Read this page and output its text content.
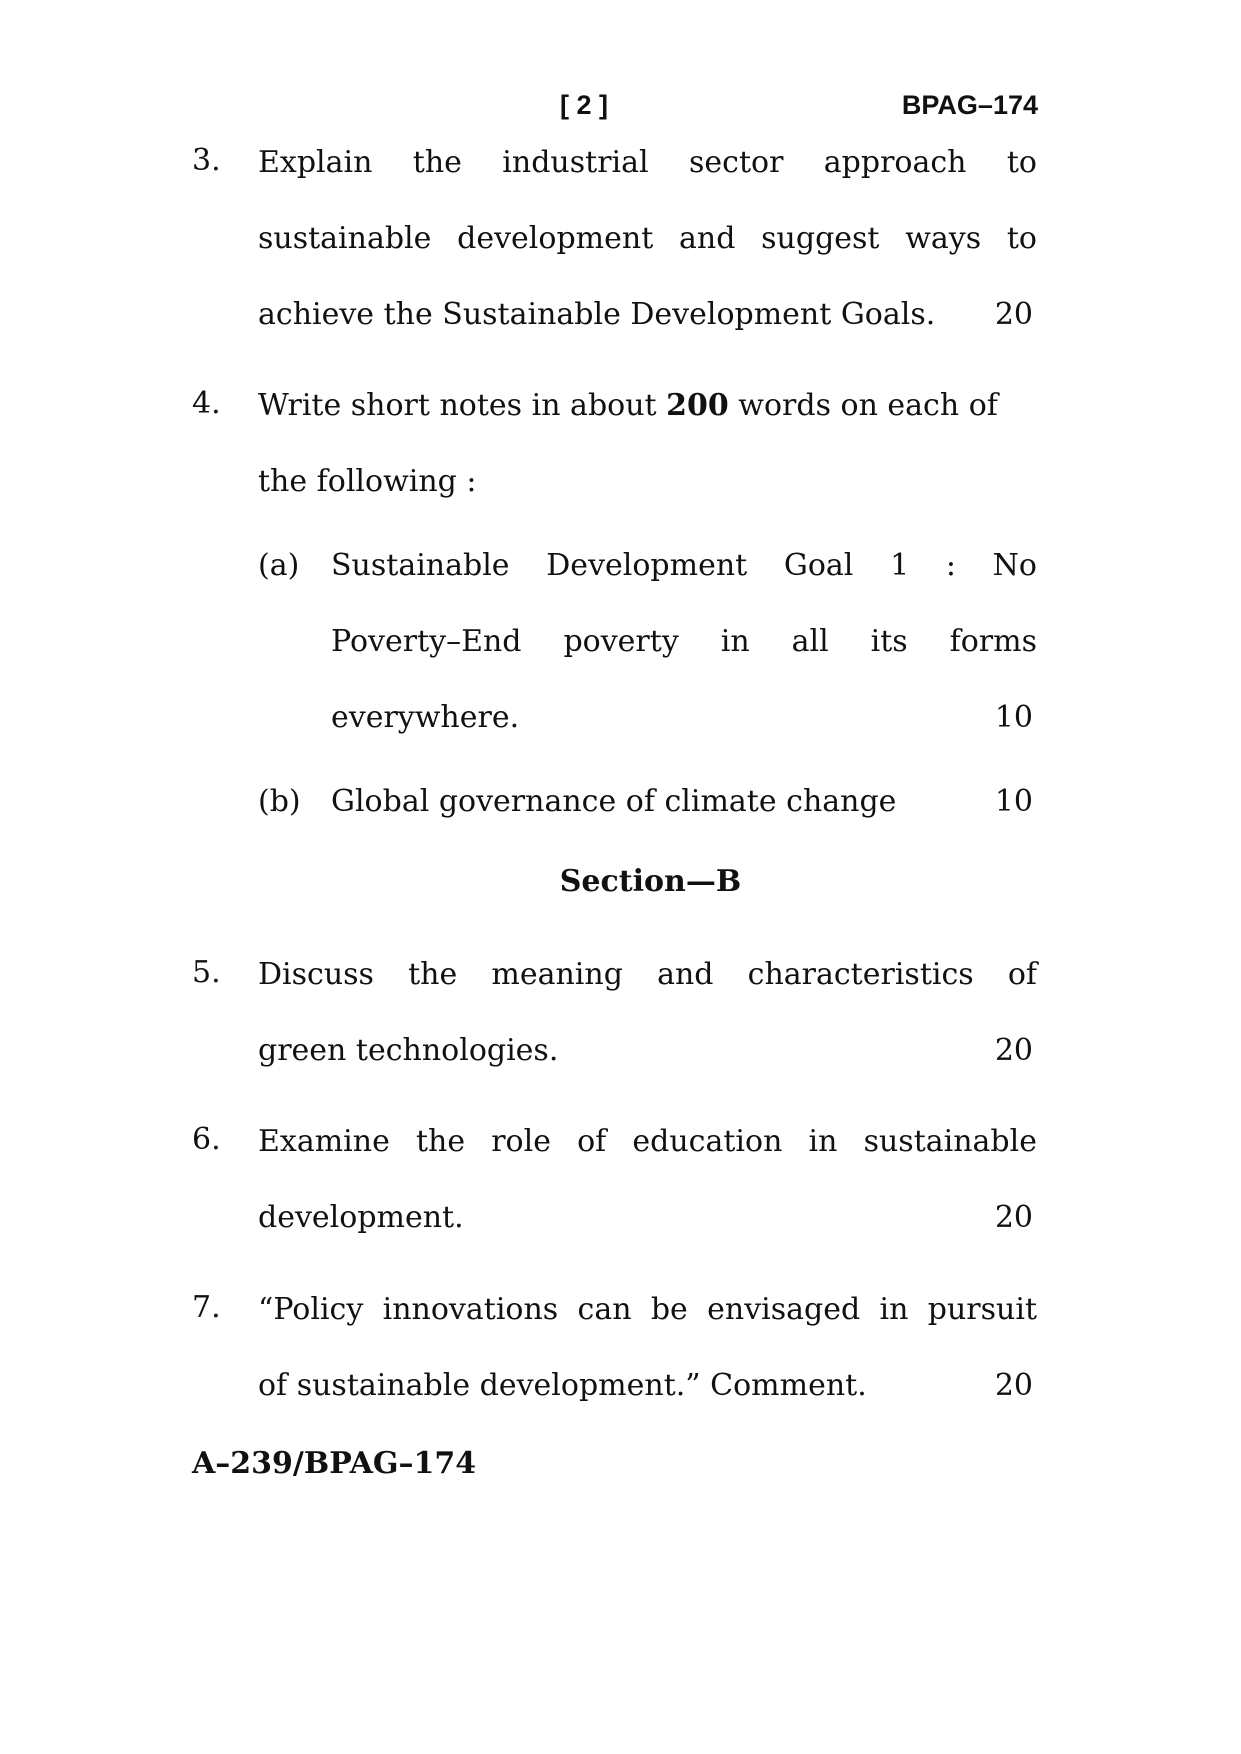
[ 2 ]	BPAG–174
3.	Explain the industrial sector approach to
sustainable development and suggest ways to
achieve the Sustainable Development Goals. 20
4.	Write short notes in about 200 words on each of
the following :
(a) Sustainable Development Goal 1 : No
Poverty–End poverty in all its forms
everywhere.	10
(b) Global governance of climate change	10
Section—B
5.	Discuss the meaning and characteristics of
green technologies.	20
6.	Examine the role of education in sustainable
development.	20
7.	“Policy innovations can be envisaged in pursuit
of sustainable development.” Comment.	20
A–239/BPAG–174
